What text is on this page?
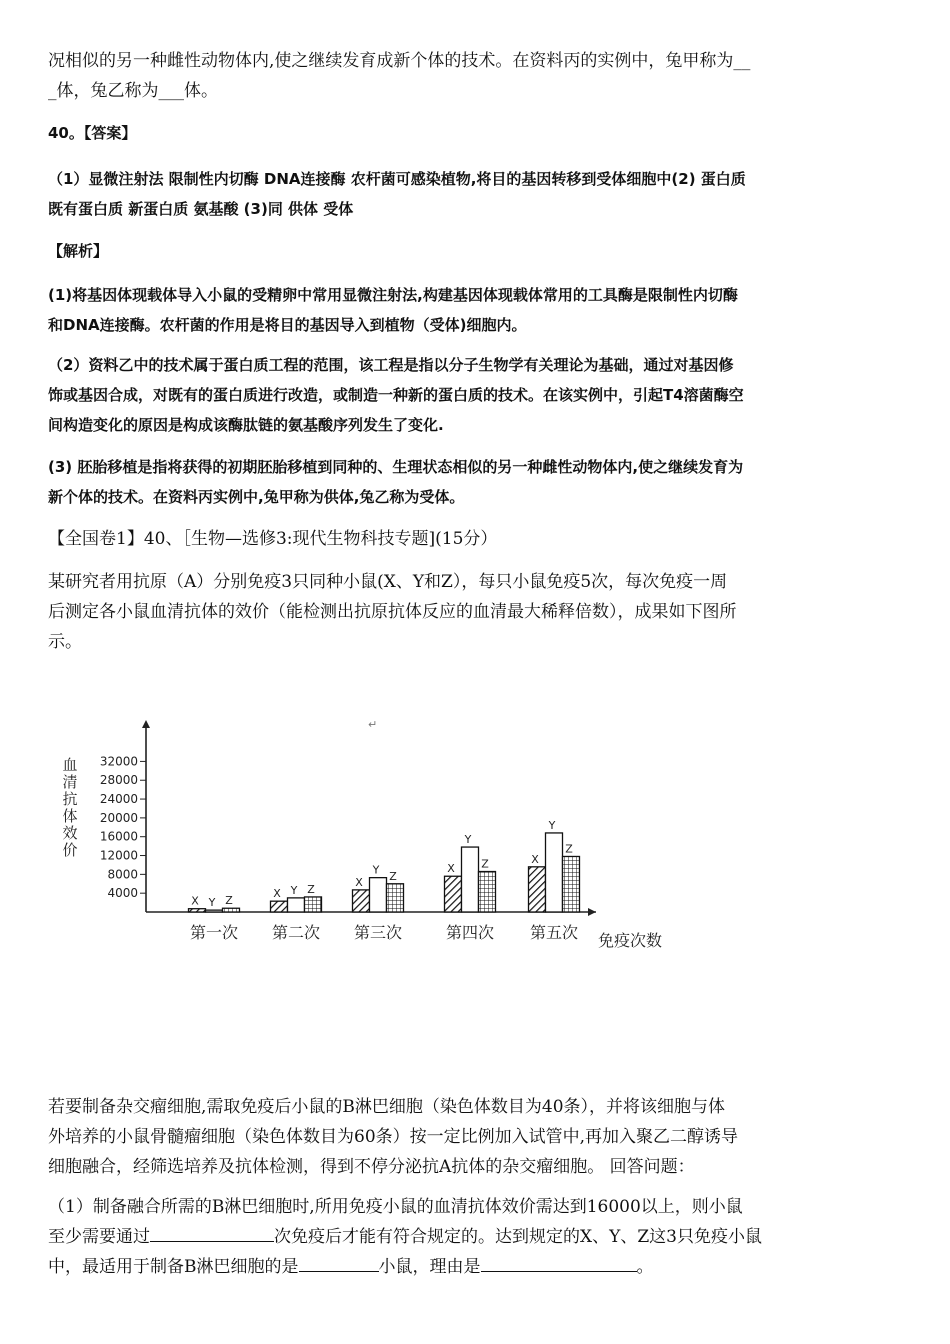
况相似的另一种雌性动物体内,使之继续发育成新个体的技术。在资料丙的实例中，兔甲称为__
_体，兔乙称为___体。
40。【答案】
（1）显微注射法 限制性内切酶 DNA连接酶 农杆菌可感染植物,将目的基因转移到受体细胞中(2) 蛋白质
既有蛋白质 新蛋白质 氨基酸 (3)同 供体 受体
【解析】
(1)将基因体现载体导入小鼠的受精卵中常用显微注射法,构建基因体现载体常用的工具酶是限制性内切酶
和DNA连接酶。农杆菌的作用是将目的基因导入到植物（受体)细胞内。
（2）资料乙中的技术属于蛋白质工程的范围，该工程是指以分子生物学有关理论为基础，通过对基因修
饰或基因合成，对既有的蛋白质进行改造，或制造一种新的蛋白质的技术。在该实例中，引起T4溶菌酶空
间构造变化的原因是构成该酶肽链的氨基酸序列发生了变化.
(3) 胚胎移植是指将获得的初期胚胎移植到同种的、生理状态相似的另一种雌性动物体内,使之继续发育为
新个体的技术。在资料丙实例中,兔甲称为供体,兔乙称为受体。
【全国卷1】40、［生物—选修3:现代生物科技专题](15分）
某研究者用抗原（A）分别免疫3只同种小鼠(X、Y和Z），每只小鼠免疫5次，每次免疫一周
后测定各小鼠血清抗体的效价（能检测出抗原抗体反应的血清最大稀释倍数），成果如下图所
示。
4000
8000
12000
16000
20000
24000
28000
32000
血
清
抗
体
效
价
X Y Z
第一次
X Y Z
第二次
X
Y Z
第三次
X
Y
Z
第四次
X
Y
Z
第五次 免疫次数
↵
若要制备杂交瘤细胞,需取免疫后小鼠的B淋巴细胞（染色体数目为40条），并将该细胞与体
外培养的小鼠骨髓瘤细胞（染色体数目为60条）按一定比例加入试管中,再加入聚乙二醇诱导
细胞融合，经筛选培养及抗体检测，得到不停分泌抗A抗体的杂交瘤细胞。 回答问题：
（1）制备融合所需的B淋巴细胞时,所用免疫小鼠的血清抗体效价需达到16000以上，则小鼠
至少需要通过	次免疫后才能有符合规定的。达到规定的X、Y、Z这3只免疫小鼠
中，最适用于制备B淋巴细胞的是	小鼠，理由是	。
